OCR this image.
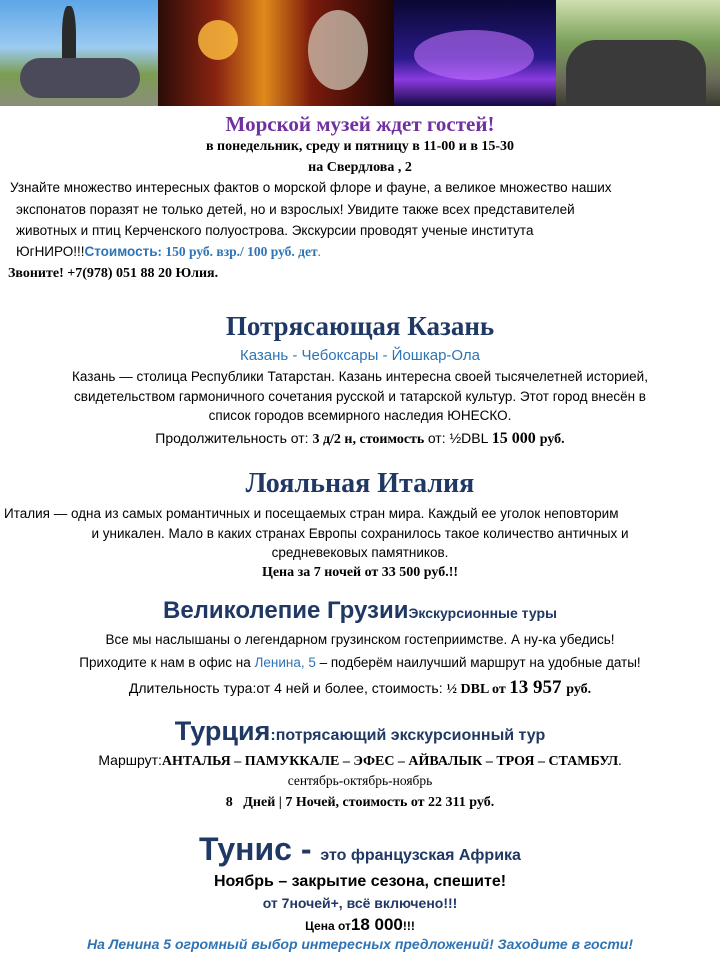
Морской музей ждет гостей!
в понедельник, среду и пятницу в 11-00 и в 15-30
на Свердлова , 2
Узнайте множество интересных фактов о морской флоре и фауне, а великое множество наших
экспонатов поразят не только детей, но и взрослых! Увидите также всех представителей
животных и птиц Керченского полуострова. Экскурсии проводят ученые института
ЮгНИРО!!!Стоимость: 150 руб. взр./ 100 руб. дет.
Звоните! +7(978) 051 88 20 Юлия.
Потрясающая Казань
Казань - Чебоксары - Йошкар-Ола
Казань — столица Республики Татарстан. Казань интересна своей тысячелетней историей,
свидетельством гармоничного сочетания русской и татарской культур. Этот город внесён в
список городов всемирного наследия ЮНЕСКО.
Продолжительность от: 3 д/2 н, стоимость от: ½DBL 15 000 руб.
Лояльная Италия
Италия — одна из самых романтичных и посещаемых стран мира. Каждый ее уголок неповторим
и уникален. Мало в каких странах Европы сохранилось такое количество античных и
средневековых памятников.
Цена за 7 ночей от 33 500 руб.!!
Великолепие ГрузииЭкскурсионные туры
Все мы наслышаны о легендарном грузинском гостеприимстве. А ну-ка убедись!
Приходите к нам в офис на Ленина, 5 – подберём наилучший маршрут на удобные даты!
Длительность тура:от 4 ней и более, стоимость: ½ DBL от 13 957 руб.
Турция:потрясающий экскурсионный тур
Маршрут:АНТАЛЬЯ – ПАМУККАЛЕ – ЭФЕС – АЙВАЛЫК – ТРОЯ – СТАМБУЛ.
сентябрь-октябрь-ноябрь
8   Дней | 7 Ночей, стоимость от 22 311 руб.
Тунис - это французская Африка
Ноябрь – закрытие сезона, спешите!
от 7ночей+, всё включено!!!
Цена от18 000!!!
На Ленина 5 огромный выбор интересных предложений! Заходите в гости!
